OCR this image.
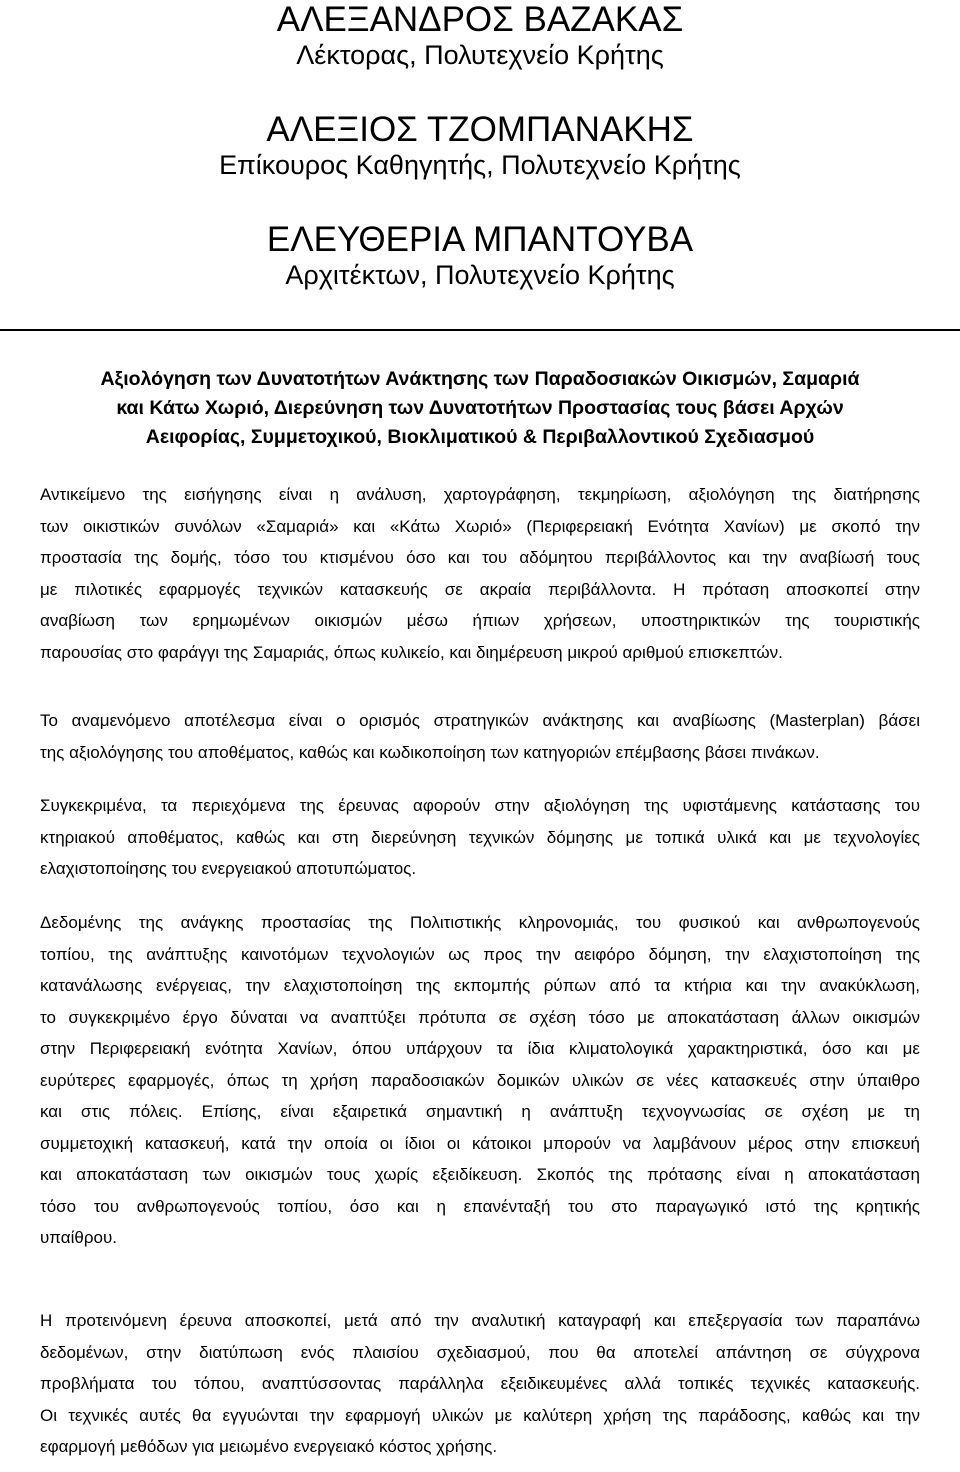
ΑΛΕΞΑΝΔΡΟΣ ΒΑΖΑΚΑΣ

Λέκτορας, Πολυτεχνείο Κρήτης

ΑΛΕΞΙΟΣ ΤΖΟΜΠΑΝΑΚΗΣ

Επίκουρος Καθηγητής, Πολυτεχνείο Κρήτης

ΕΛΕΥΘΕΡΙΑ ΜΠΑΝΤΟΥΒΑ

Αρχιτέκτων, Πολυτεχνείο Κρήτης

Αξιολόγηση των Δυνατοτήτων Ανάκτησης των Παραδοσιακών Οικισμών, Σαμαριά
και Κάτω Χωριό, Διερεύνηση των Δυνατοτήτων Προστασίας τους βάσει Αρχών
Αειφορίας, Συμμετοχικού, Βιοκλιματικού & Περιβαλλοντικού Σχεδιασμού
Αντικείμενο της εισήγησης είναι η ανάλυση, χαρτογράφηση, τεκμηρίωση, αξιολόγηση της διατήρησης
των οικιστικών συνόλων «Σαμαριά» και «Κάτω Χωριό» (Περιφερειακή Ενότητα Χανίων) με σκοπό την
προστασία της δομής, τόσο του κτισμένου όσο και του αδόμητου περιβάλλοντος και την αναβίωσή τους
με πιλοτικές εφαρμογές τεχνικών κατασκευής σε ακραία περιβάλλοντα. Η πρόταση αποσκοπεί στην
αναβίωση των ερημωμένων οικισμών μέσω ήπιων χρήσεων, υποστηρικτικών της τουριστικής
παρουσίας στο φαράγγι της Σαμαριάς, όπως κυλικείο, και διημέρευση μικρού αριθμού επισκεπτών.
Το αναμενόμενο αποτέλεσμα είναι ο ορισμός στρατηγικών ανάκτησης και αναβίωσης (Masterplan) βάσει
της αξιολόγησης του αποθέματος, καθώς και κωδικοποίηση των κατηγοριών επέμβασης βάσει πινάκων.
Συγκεκριμένα, τα περιεχόμενα της έρευνας αφορούν στην αξιολόγηση της υφιστάμενης κατάστασης του
κτηριακού αποθέματος, καθώς και στη διερεύνηση τεχνικών δόμησης με τοπικά υλικά και με τεχνολογίες
ελαχιστοποίησης του ενεργειακού αποτυπώματος.
Δεδομένης της ανάγκης προστασίας της Πολιτιστικής κληρονομιάς, του φυσικού και ανθρωπογενούς
τοπίου, της ανάπτυξης καινοτόμων τεχνολογιών ως προς την αειφόρο δόμηση, την ελαχιστοποίηση της
κατανάλωσης ενέργειας, την ελαχιστοποίηση της εκπομπής ρύπων από τα κτήρια και την ανακύκλωση,
το συγκεκριμένο έργο δύναται να αναπτύξει πρότυπα σε σχέση τόσο με αποκατάσταση άλλων οικισμών
στην Περιφερειακή ενότητα Χανίων, όπου υπάρχουν τα ίδια κλιματολογικά χαρακτηριστικά, όσο και με
ευρύτερες εφαρμογές, όπως τη χρήση παραδοσιακών δομικών υλικών σε νέες κατασκευές στην ύπαιθρο
και στις πόλεις. Επίσης, είναι εξαιρετικά σημαντική η ανάπτυξη τεχνογνωσίας σε σχέση με τη
συμμετοχική κατασκευή, κατά την οποία οι ίδιοι οι κάτοικοι μπορούν να λαμβάνουν μέρος στην επισκευή
και αποκατάσταση των οικισμών τους χωρίς εξειδίκευση. Σκοπός της πρότασης είναι η αποκατάσταση
τόσο του ανθρωπογενούς τοπίου, όσο και η επανένταξή του στο παραγωγικό ιστό της κρητικής
υπαίθρου.
Η προτεινόμενη έρευνα αποσκοπεί, μετά από την αναλυτική καταγραφή και επεξεργασία των παραπάνω
δεδομένων, στην διατύπωση ενός πλαισίου σχεδιασμού, που θα αποτελεί απάντηση σε σύγχρονα
προβλήματα του τόπου, αναπτύσσοντας παράλληλα εξειδικευμένες αλλά τοπικές τεχνικές κατασκευής.
Οι τεχνικές αυτές θα εγγυώνται την εφαρμογή υλικών με καλύτερη χρήση της παράδοσης, καθώς και την
εφαρμογή μεθόδων για μειωμένο ενεργειακό κόστος χρήσης.
